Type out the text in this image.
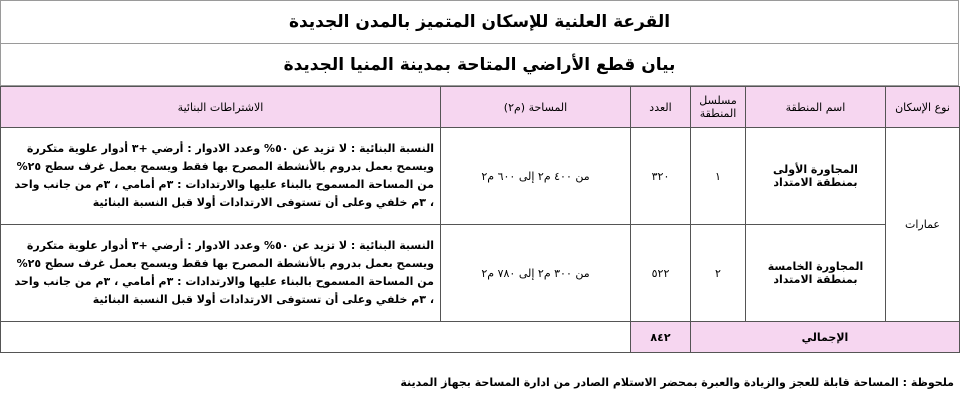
القرعة العلنية للإسكان المتميز بالمدن الجديدة
بيان قطع الأراضي المتاحة بمدينة المنيا الجديدة
نوع الإسكان	اسم المنطقة	مسلسل المنطقة	العدد	المساحة (م٢)	الاشتراطات البنائية
عمارات	المجاورة الأولى بمنطقة الامتداد	١	٣٢٠	من ٤٠٠ م٢ إلى ٦٠٠ م٢	النسبة البنائية : لا تزيد عن ٥٠% وعدد الادوار : أرضي +٣ أدوار علوية متكررة ويسمح بعمل بدروم بالأنشطة المصرح بها فقط ويسمح بعمل غرف سطح ٢٥% من المساحة المسموح بالبناء عليها والارتدادات : ٣م أمامي ، ٣م من جانب واحد ، ٣م خلفي وعلى أن تستوفى الارتدادات أولا قبل النسبة البنائية
	المجاورة الخامسة بمنطقة الامتداد	٢	٥٢٢	من ٣٠٠ م٢ إلى ٧٨٠ م٢	النسبة البنائية : لا تزيد عن ٥٠% وعدد الادوار : أرضي +٣ أدوار علوية متكررة ويسمح بعمل بدروم بالأنشطة المصرح بها فقط ويسمح بعمل غرف سطح ٢٥% من المساحة المسموح بالبناء عليها والارتدادات : ٣م أمامي ، ٣م من جانب واحد ، ٣م خلفي وعلى أن تستوفى الارتدادات أولا قبل النسبة البنائية
الإجمالي			٨٤٢		
ملحوظة : المساحة قابلة للعجز والزيادة والعبرة بمحضر الاستلام الصادر من ادارة المساحة بجهاز المدينة
